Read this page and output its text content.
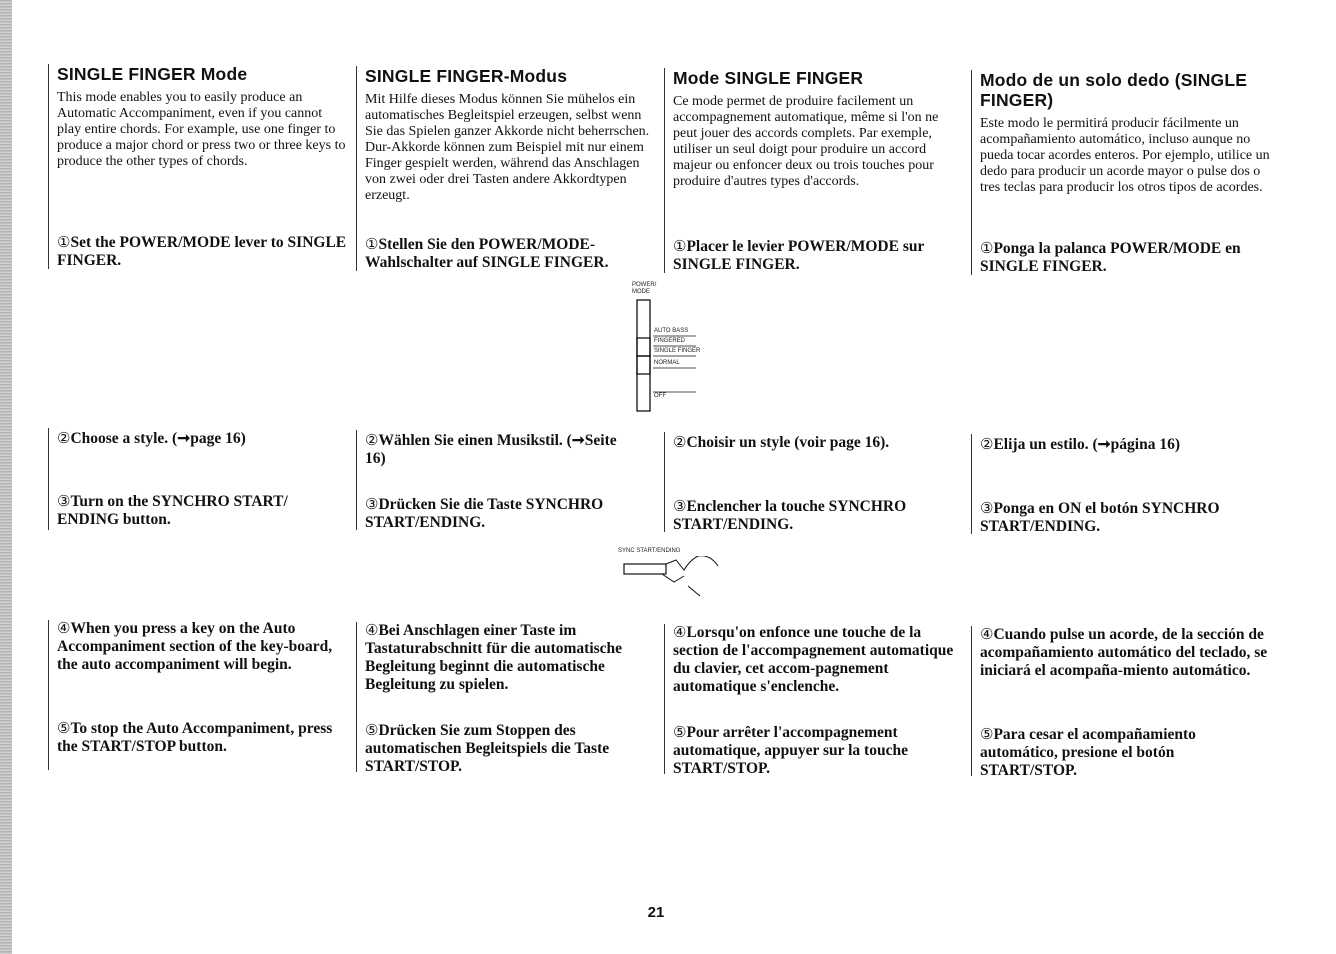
SINGLE FINGER Mode

This mode enables you to easily produce an Automatic Accompaniment, even if you cannot play entire chords. For example, use one finger to produce a major chord or press two or three keys to produce the other types of chords.

①Set the POWER/MODE lever to SINGLE FINGER.
②Choose a style. (➞page 16)
③Turn on the SYNCHRO START/ ENDING button.
④When you press a key on the Auto Accompaniment section of the key-board, the auto accompaniment will begin.
⑤To stop the Auto Accompaniment, press the START/STOP button.
SINGLE FINGER-Modus

Mit Hilfe dieses Modus können Sie mühelos ein automatisches Begleitspiel erzeugen, selbst wenn Sie das Spielen ganzer Akkorde nicht beherrschen. Dur-Akkorde können zum Beispiel mit nur einem Finger gespielt werden, während das Anschlagen von zwei oder drei Tasten andere Akkordtypen erzeugt.

①Stellen Sie den POWER/MODE-Wahlschalter auf SINGLE FINGER.
②Wählen Sie einen Musikstil. (➞Seite 16)
③Drücken Sie die Taste SYNCHRO START/ENDING.
④Bei Anschlagen einer Taste im Tastaturabschnitt für die automatische Begleitung beginnt die automatische Begleitung zu spielen.
⑤Drücken Sie zum Stoppen des automatischen Begleitspiels die Taste START/STOP.
Mode SINGLE FINGER

Ce mode permet de produire facilement un accompagnement automatique, même si l'on ne peut jouer des accords complets. Par exemple, utiliser un seul doigt pour produire un accord majeur ou enfoncer deux ou trois touches pour produire d'autres types d'accords.

①Placer le levier POWER/MODE sur SINGLE FINGER.
②Choisir un style (voir page 16).
③Enclencher la touche SYNCHRO START/ENDING.
④Lorsqu'on enfonce une touche de la section de l'accompagnement automatique du clavier, cet accom-pagnement automatique s'enclenche.
⑤Pour arrêter l'accompagnement automatique, appuyer sur la touche START/STOP.
Modo de un solo dedo (SINGLE FINGER)

Este modo le permitirá producir fácilmente un acompañamiento automático, incluso aunque no pueda tocar acordes enteros. Por ejemplo, utilice un dedo para producir un acorde mayor o pulse dos o tres teclas para producir los otros tipos de acordes.

①Ponga la palanca POWER/MODE en SINGLE FINGER.
②Elija un estilo. (➞página 16)
③Ponga en ON el botón SYNCHRO START/ENDING.
④Cuando pulse un acorde, de la sección de acompañamiento automático del teclado, se iniciará el acompaña-miento automático.
⑤Para cesar el acompañamiento automático, presione el botón START/STOP.
POWER/ MODE
AUTO BASS
FINGERED
SINGLE FINGER
NORMAL
OFF
SYNC START/ENDING
21
